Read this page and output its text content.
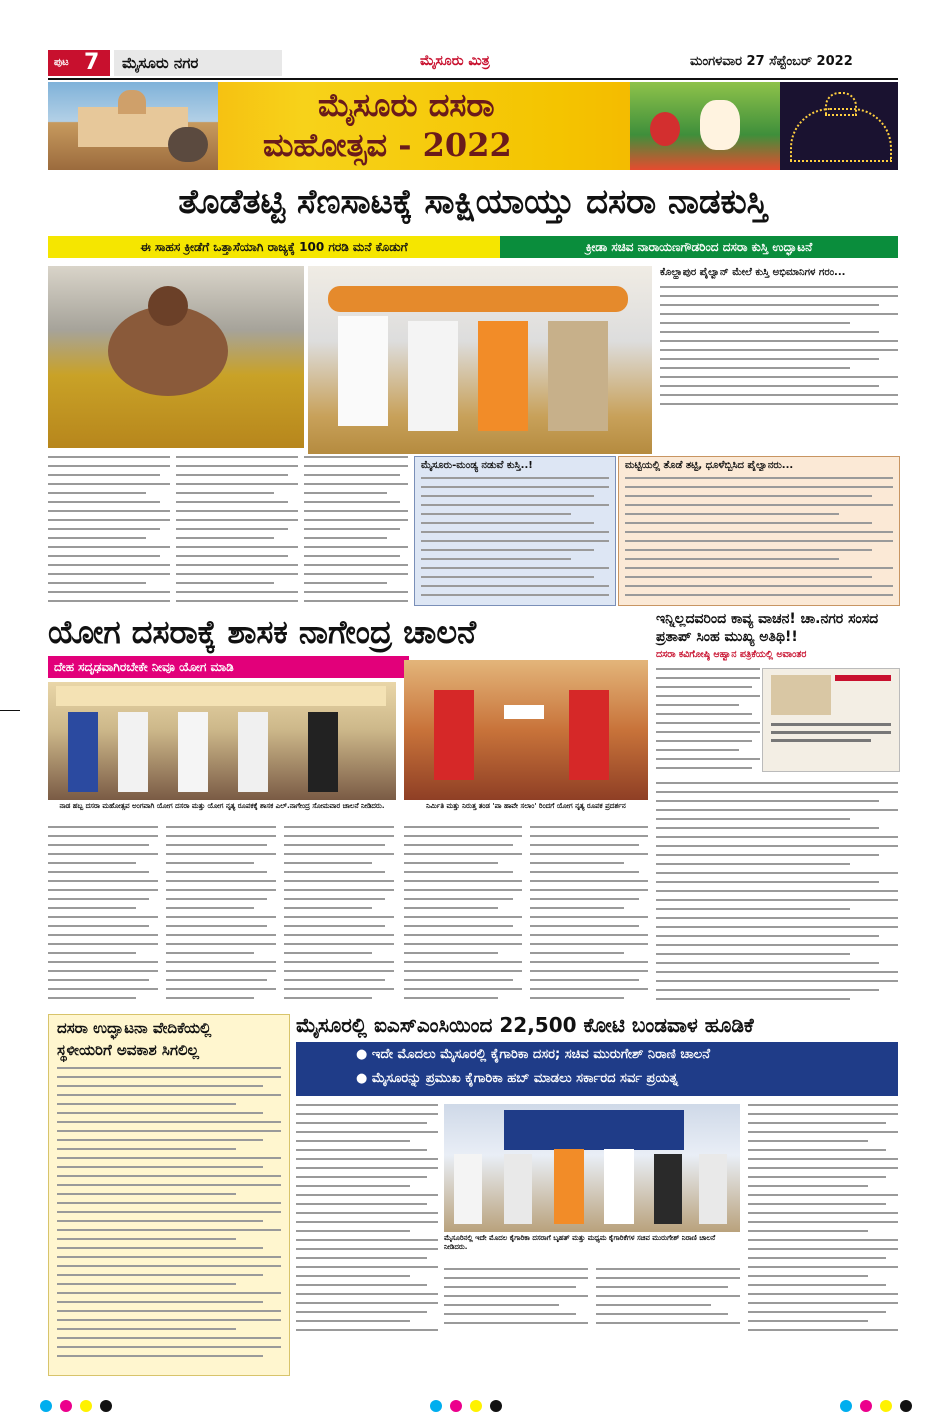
ಪುಟ 7	ಮೈಸೂರು ನಗರ	ಮೈಸೂರು ಮಿತ್ರ	ಮಂಗಳವಾರ 27 ಸೆಪ್ಟೆಂಬರ್ 2022
ಮೈಸೂರು ದಸರಾ
ಮಹೋತ್ಸವ - 2022
ತೊಡೆತಟ್ಟಿ ಸೆಣಸಾಟಕ್ಕೆ ಸಾಕ್ಷಿಯಾಯ್ತು ದಸರಾ ನಾಡಕುಸ್ತಿ
ಈ ಸಾಹಸ ಕ್ರೀಡೆಗೆ ಒತ್ತಾಸೆಯಾಗಿ ರಾಜ್ಯಕ್ಕೆ 100 ಗರಡಿ ಮನೆ ಕೊಡುಗೆ	ಕ್ರೀಡಾ ಸಚಿವ ನಾರಾಯಣಗೌಡರಿಂದ ದಸರಾ ಕುಸ್ತಿ ಉದ್ಘಾಟನೆ
ಕೊಲ್ಹಾಪುರ ಪೈಲ್ವಾನ್ ಮೇಲೆ ಕುಸ್ತಿ ಅಭಿಮಾನಿಗಳ ಗರಂ...
ಮೈಸೂರು-ಮಂಡ್ಯ ನಡುವೆ ಕುಸ್ತಿ..!	ಮಟ್ಟಿಯಲ್ಲಿ ತೊಡೆ ತಟ್ಟಿ, ಧೂಳೆಬ್ಬಿಸಿದ ಪೈಲ್ವಾನರು...
ಯೋಗ ದಸರಾಕ್ಕೆ ಶಾಸಕ ನಾಗೇಂದ್ರ ಚಾಲನೆ
ದೇಹ ಸದೃಢವಾಗಿರಬೇಕೇ ನೀವೂ ಯೋಗ ಮಾಡಿ
ನಾಡ ಹಬ್ಬ ದಸರಾ ಮಹೋತ್ಸವ ಅಂಗವಾಗಿ ಯೋಗ ದಸರಾ ಮತ್ತು ಯೋಗ ನೃತ್ಯ ರೂಪಕಕ್ಕೆ ಶಾಸಕ ಎಲ್.ನಾಗೇಂದ್ರ ಸೋಮವಾರ ಚಾಲನೆ ನೀಡಿದರು.	ನಿರ್ಮಿತಿ ಮತ್ತು ನಿರುತ್ತ ತಂಡ 'ಪಾ ಹಾವೇ ಸಲಾಂ' ರಿಂದಗೆ ಯೋಗ ನೃತ್ಯ ರೂಪಕ ಪ್ರದರ್ಶನ
ಇನ್ನಿಲ್ಲದವರಿಂದ ಕಾವ್ಯ ವಾಚನ! ಚಾ.ನಗರ ಸಂಸದ ಪ್ರತಾಪ್ ಸಿಂಹ ಮುಖ್ಯ ಅತಿಥಿ!!
ದಸರಾ ಕವಿಗೋಷ್ಠಿ ಆಹ್ವಾನ ಪತ್ರಿಕೆಯಲ್ಲಿ ಅವಾಂತರ
ದಸರಾ ಉದ್ಘಾಟನಾ ವೇದಿಕೆಯಲ್ಲಿ
ಸ್ಥಳೀಯರಿಗೆ ಅವಕಾಶ ಸಿಗಲಿಲ್ಲ
ಮೈಸೂರಲ್ಲಿ ಐಎಸ್‌ಎಂಸಿಯಿಂದ 22,500 ಕೋಟಿ ಬಂಡವಾಳ ಹೂಡಿಕೆ
● ಇದೇ ಮೊದಲು ಮೈಸೂರಲ್ಲಿ ಕೈಗಾರಿಕಾ ದಸರ; ಸಚಿವ ಮುರುಗೇಶ್ ನಿರಾಣಿ ಚಾಲನೆ
● ಮೈಸೂರನ್ನು ಪ್ರಮುಖ ಕೈಗಾರಿಕಾ ಹಬ್ ಮಾಡಲು ಸರ್ಕಾರದ ಸರ್ವ ಪ್ರಯತ್ನ
ಮೈಸೂರಿನಲ್ಲಿ ಇದೇ ಮೊದಲ ಕೈಗಾರಿಕಾ ದಸರಾಗೆ ಬೃಹತ್ ಮತ್ತು ಮಧ್ಯಮ ಕೈಗಾರಿಕೆಗಳ ಸಚಿವ ಮುರುಗೇಶ್ ನಿರಾಣಿ ಚಾಲನೆ ನೀಡಿದರು.
